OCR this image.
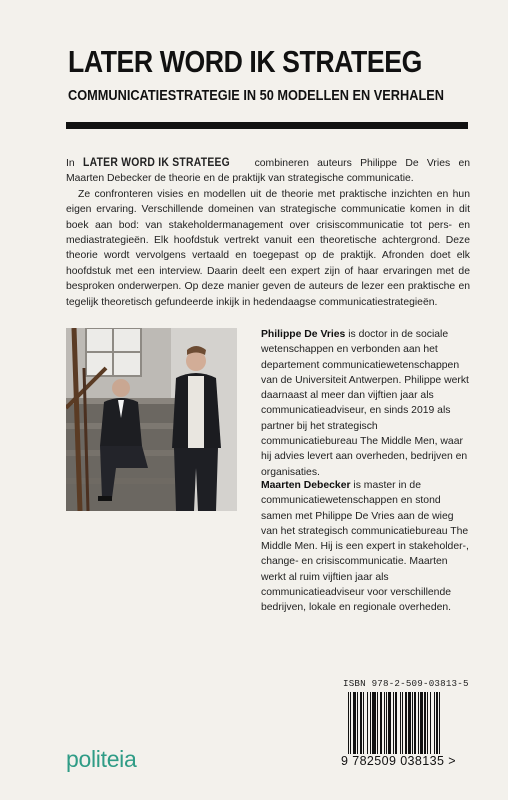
LATER WORD IK STRATEEG
COMMUNICATIESTRATEGIE IN 50 MODELLEN EN VERHALEN

In LATER WORD IK STRATEEG combineren auteurs Philippe De Vries en Maarten Debecker de theorie en de praktijk van strategische communicatie.

Ze confronteren visies en modellen uit de theorie met praktische inzichten en hun eigen ervaring. Verschillende domeinen van strategische communicatie komen in dit boek aan bod: van stakeholdermanagement over crisiscommunicatie tot pers- en mediastrategieën. Elk hoofdstuk vertrekt vanuit een theoretische achtergrond. Deze theorie wordt vervolgens vertaald en toegepast op de praktijk. Afronden doet elk hoofdstuk met een interview. Daarin deelt een expert zijn of haar ervaringen met de besproken onderwerpen. Op deze manier geven de auteurs de lezer een praktische en tegelijk theoretisch gefundeerde inkijk in hedendaagse communicatiestrategieën.

Philippe De Vries is doctor in de sociale wetenschappen en verbonden aan het departement communicatiewetenschappen van de Universiteit Antwerpen. Philippe werkt daarnaast al meer dan vijftien jaar als communicatieadviseur, en sinds 2019 als partner bij het strategisch communicatiebureau The Middle Men, waar hij advies levert aan overheden, bedrijven en organisaties.

Maarten Debecker is master in de communicatiewetenschappen en stond samen met Philippe De Vries aan de wieg van het strategisch communicatiebureau The Middle Men. Hij is een expert in stakeholder-, change- en crisiscommunicatie. Maarten werkt al ruim vijftien jaar als communicatieadviseur voor verschillende bedrijven, lokale en regionale overheden.

ISBN 978-2-509-03813-5
9 782509 038135 >
politeia
